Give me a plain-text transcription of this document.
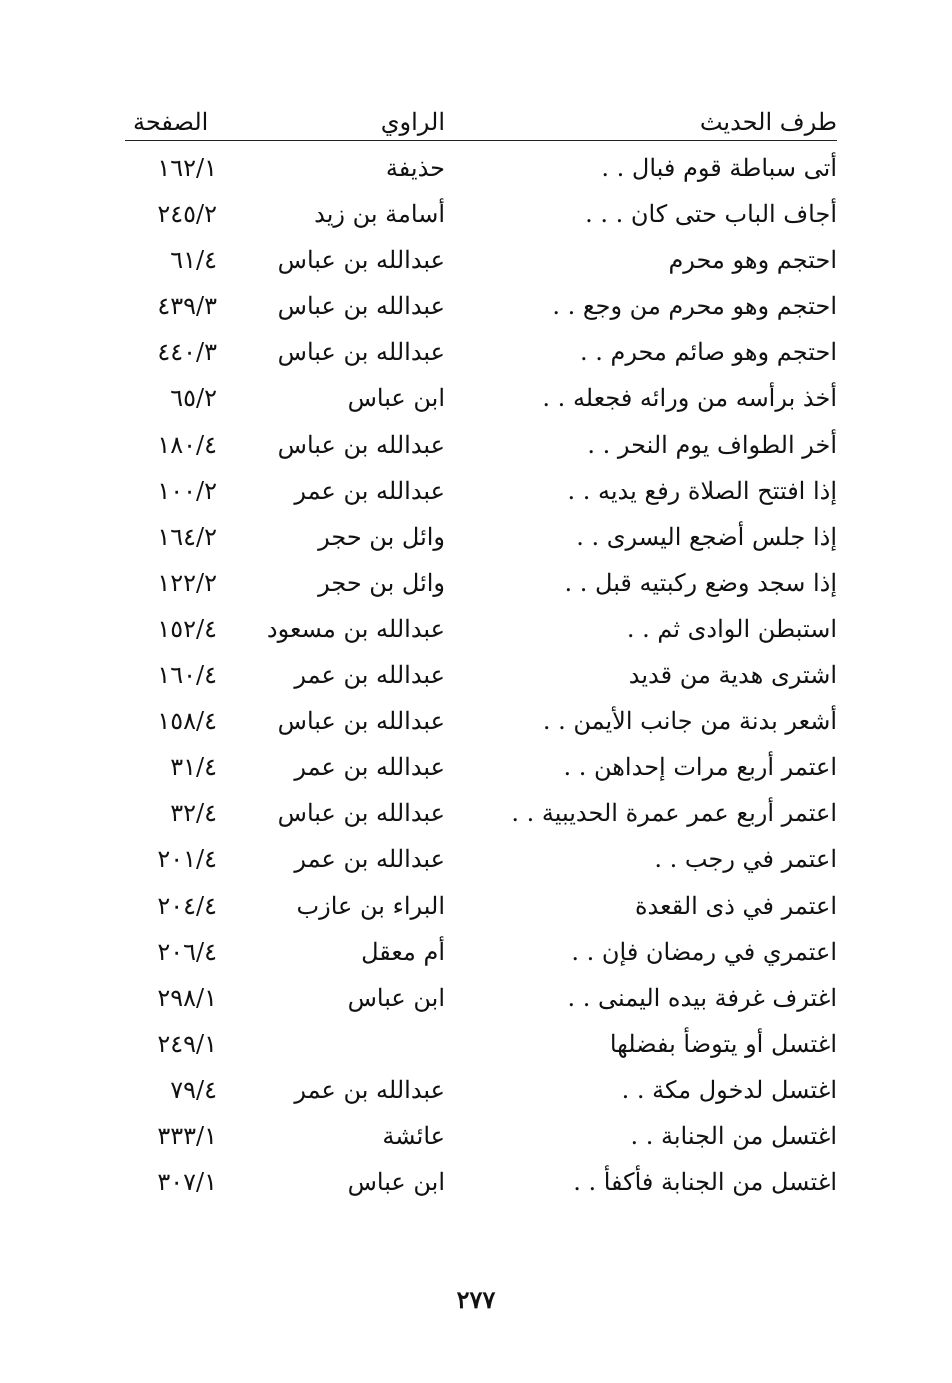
طرف الحديث
الراوي
الصفحة
أتى سباطة قوم فبال . .
حذيفة
١٦٢/١
أجاف الباب حتى كان . . .
أسامة بن زيد
٢٤٥/٢
احتجم وهو محرم
عبدالله بن عباس
٦١/٤
احتجم وهو محرم من وجع . .
عبدالله بن عباس
٤٣٩/٣
احتجم وهو صائم محرم . .
عبدالله بن عباس
٤٤٠/٣
أخذ برأسه من ورائه فجعله . .
ابن عباس
٦٥/٢
أخر الطواف يوم النحر . .
عبدالله بن عباس
١٨٠/٤
إذا افتتح الصلاة رفع يديه . .
عبدالله بن عمر
١٠٠/٢
إذا جلس أضجع اليسرى . .
وائل بن حجر
١٦٤/٢
إذا سجد وضع ركبتيه قبل . .
وائل بن حجر
١٢٢/٢
استبطن الوادى ثم . .
عبدالله بن مسعود
١٥٢/٤
اشترى هدية من قديد
عبدالله بن عمر
١٦٠/٤
أشعر بدنة من جانب الأيمن . .
عبدالله بن عباس
١٥٨/٤
اعتمر أربع مرات إحداهن . .
عبدالله بن عمر
٣١/٤
اعتمر أربع عمر عمرة الحديبية . .
عبدالله بن عباس
٣٢/٤
اعتمر في رجب . .
عبدالله بن عمر
٢٠١/٤
اعتمر في ذى القعدة
البراء بن عازب
٢٠٤/٤
اعتمري في رمضان فإن . .
أم معقل
٢٠٦/٤
اغترف غرفة بيده اليمنى . .
ابن عباس
٢٩٨/١
اغتسل أو يتوضأ بفضلها
٢٤٩/١
اغتسل لدخول مكة . .
عبدالله بن عمر
٧٩/٤
اغتسل من الجنابة . .
عائشة
٣٣٣/١
اغتسل من الجنابة فأكفأ . .
ابن عباس
٣٠٧/١
٢٧٧
